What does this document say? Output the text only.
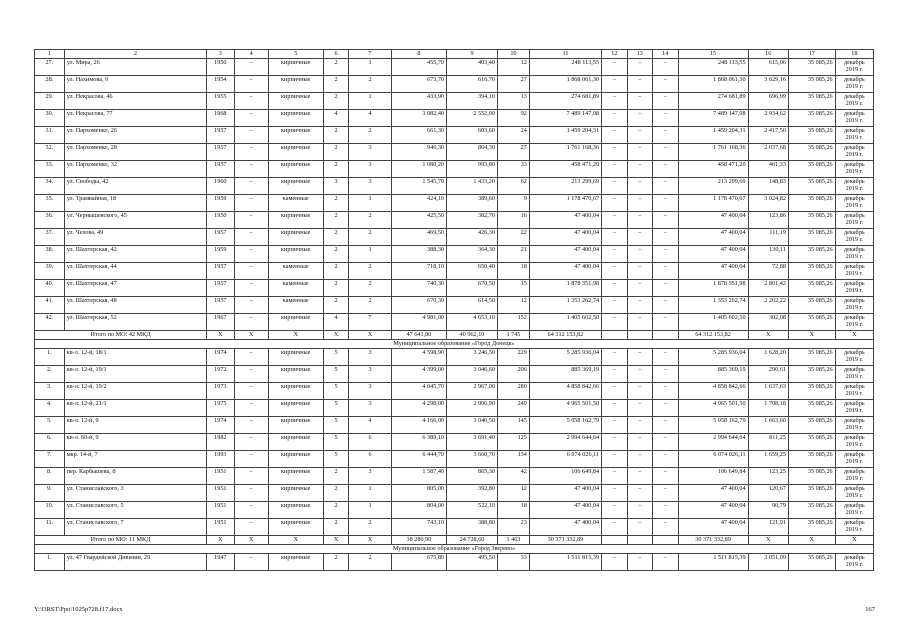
1	2	3	4	5	6	7	8	9	10	11	12	13	14	15	16	17	18
27.	ул. Мира, 26	1950	–	кирпичные	2	1	455,70	403,40	12	248 113,55	–	–	–	248 113,55	615,06	35 085,26	декабрь 2019 г.
28.	ул. Нахимова, 9	1954	–	кирпичные	2	2	673,70	616,70	27	1 868 061,30	–	–	–	1 868 061,30	3 029,16	35 085,26	декабрь 2019 г.
29.	ул. Некрасова, 46	1955	–	кирпичные	2	1	433,90	394,10	13	274 681,89	–	–	–	274 681,89	696,99	35 085,26	декабрь 2019 г.
30.	ул. Некрасова, 77	1968	–	кирпичные	4	4	3 082,40	2 552,00	92	7 489 147,08	–	–	–	7 489 147,08	2 934,62	35 085,26	декабрь 2019 г.
31.	ул. Пархоменко, 26	1957	–	кирпичные	2	2	661,30	603,60	24	1 459 204,31	–	–	–	1 459 204,31	2 417,50	35 085,26	декабрь 2019 г.
32.	ул. Пархоменко, 28	1957	–	кирпичные	2	3	946,30	864,30	27	1 761 168,36	–	–	–	1 761 168,36	2 037,68	35 085,26	декабрь 2019 г.
33.	ул. Пархоменко, 32	1957	–	кирпичные	2	3	1 080,20	993,80	33	458 471,20	–	–	–	458 471,20	461,33	35 085,26	декабрь 2019 г.
34.	ул. Свободы, 42	1960	–	кирпичные	3	3	1 545,70	1 433,20	62	213 299,69	–	–	–	213 299,69	148,83	35 085,26	декабрь 2019 г.
35.	ул. Трамвайная, 18	1959	–	каменные	2	1	424,10	389,60	9	1 178 470,67	–	–	–	1 178 470,67	3 024,82	35 085,26	декабрь 2019 г.
36.	ул. Чернышевского, 45	1950	–	кирпичные	2	2	425,50	382,70	16	47 400,04	–	–	–	47 400,04	123,86	35 085,26	декабрь 2019 г.
37.	ул. Чехова, 49	1957	–	кирпичные	2	2	469,50	426,30	22	47 400,04	–	–	–	47 400,04	111,19	35 085,26	декабрь 2019 г.
38.	ул. Шахтерская, 42	1959	–	кирпичные	2	1	388,30	364,30	21	47 400,04	–	–	–	47 400,04	130,11	35 085,26	декабрь 2019 г.
39.	ул. Шахтерская, 44	1957	–	каменные	2	2	718,10	650,40	18	47 400,04	–	–	–	47 400,04	72,88	35 085,26	декабрь 2019 г.
40.	ул. Шахтерская, 47	1957	–	каменные	2	2	740,30	670,50	15	1 878 351,98	–	–	–	1 878 351,98	2 801,42	35 085,26	декабрь 2019 г.
41.	ул. Шахтерская, 48	1957	–	каменные	2	2	670,30	614,50	12	1 353 262,74	–	–	–	1 353 262,74	2 202,22	35 085,26	декабрь 2019 г.
42.	ул. Шахтерская, 52	1967	–	кирпичные	4	7	4 981,00	4 653,10	152	1 405 602,50	–	–	–	1 405 602,50	302,08	35 085,26	декабрь 2019 г.
Итого по МО: 42 МКД		X	X	X	X	X	47 641,80	40 962,10	1 745	64 312 153,82				64 312 153,82	X	X	X
Муниципальное образование «Город Донецк»																	
1.	кв-л. 12-й, 18/1	1974	–	кирпичные	5	3	4 598,90	3 246,50	229	5 285 936,04	–	–	–	5 285 936,04	1 628,20	35 085,26	декабрь 2019 г.
2.	кв-л. 12-й, 19/1	1972	–	кирпичные	5	3	4 399,00	3 046,60	206	885 369,19	–	–	–	885 369,19	290,61	35 085,26	декабрь 2019 г.
3.	кв-л. 12-й, 19/2	1973	–	кирпичные	5	3	4 045,70	2 967,00	280	4 858 842,66	–	–	–	4 858 842,66	1 637,63	35 085,26	декабрь 2019 г.
4.	кв-л. 12-й, 21/1	1975	–	кирпичные	5	3	4 298,00	2 906,90	249	4 965 501,50	–	–	–	4 965 501,50	1 708,18	35 085,26	декабрь 2019 г.
5.	кв-л. 12-й, 9	1974	–	кирпичные	5	4	4 166,00	3 040,50	145	5 058 162,79	–	–	–	5 058 162,79	1 663,60	35 085,26	декабрь 2019 г.
6.	кв-л. 60-й, 9	1982	–	кирпичные	5	6	6 389,10	3 691,40	125	2 994 644,64	–	–	–	2 994 644,64	811,25	35 085,26	декабрь 2019 г.
7.	мкр. 14-й, 7	1993	–	кирпичные	5	6	6 444,70	3 660,70	134	6 074 026,11	–	–	–	6 074 026,11	1 659,25	35 085,26	декабрь 2019 г.
8.	пер. Карбышева, 8	1951	–	кирпичные	2	3	1 587,40	865,30	42	106 649,84	–	–	–	106 649,84	123,25	35 085,26	декабрь 2019 г.
9.	ул. Станиславского, 3	1951	–	кирпичные	2	1	805,00	392,80	12	47 400,04	–	–	–	47 400,04	120,67	35 085,26	декабрь 2019 г.
10.	ул. Станиславского, 5	1951	–	кирпичные	2	1	804,00	522,10	18	47 400,04	–	–	–	47 400,04	90,79	35 085,26	декабрь 2019 г.
11.	ул. Станиславского, 7	1951	–	кирпичные	2	2	743,10	388,80	23	47 400,04	–	–	–	47 400,04	121,91	35 085,26	декабрь 2019 г.
Итого по МО: 11 МКД		X	X	X	X	X	38 280,90	24 728,60	1 463	30 371 332,89				30 371 332,89	X	X	X
Муниципальное образование «Город Зверево»																	
1.	ул. 47 Гвардейской Дивизии, 29	1947	–	кирпичные	2	2	675,80	495,50	33	1 511 815,39	–	–	–	1 511 815,39	3 051,09	35 085,26	декабрь 2019 г.
Y:\ORST\Ppo\1025p728.f17.docx	167
